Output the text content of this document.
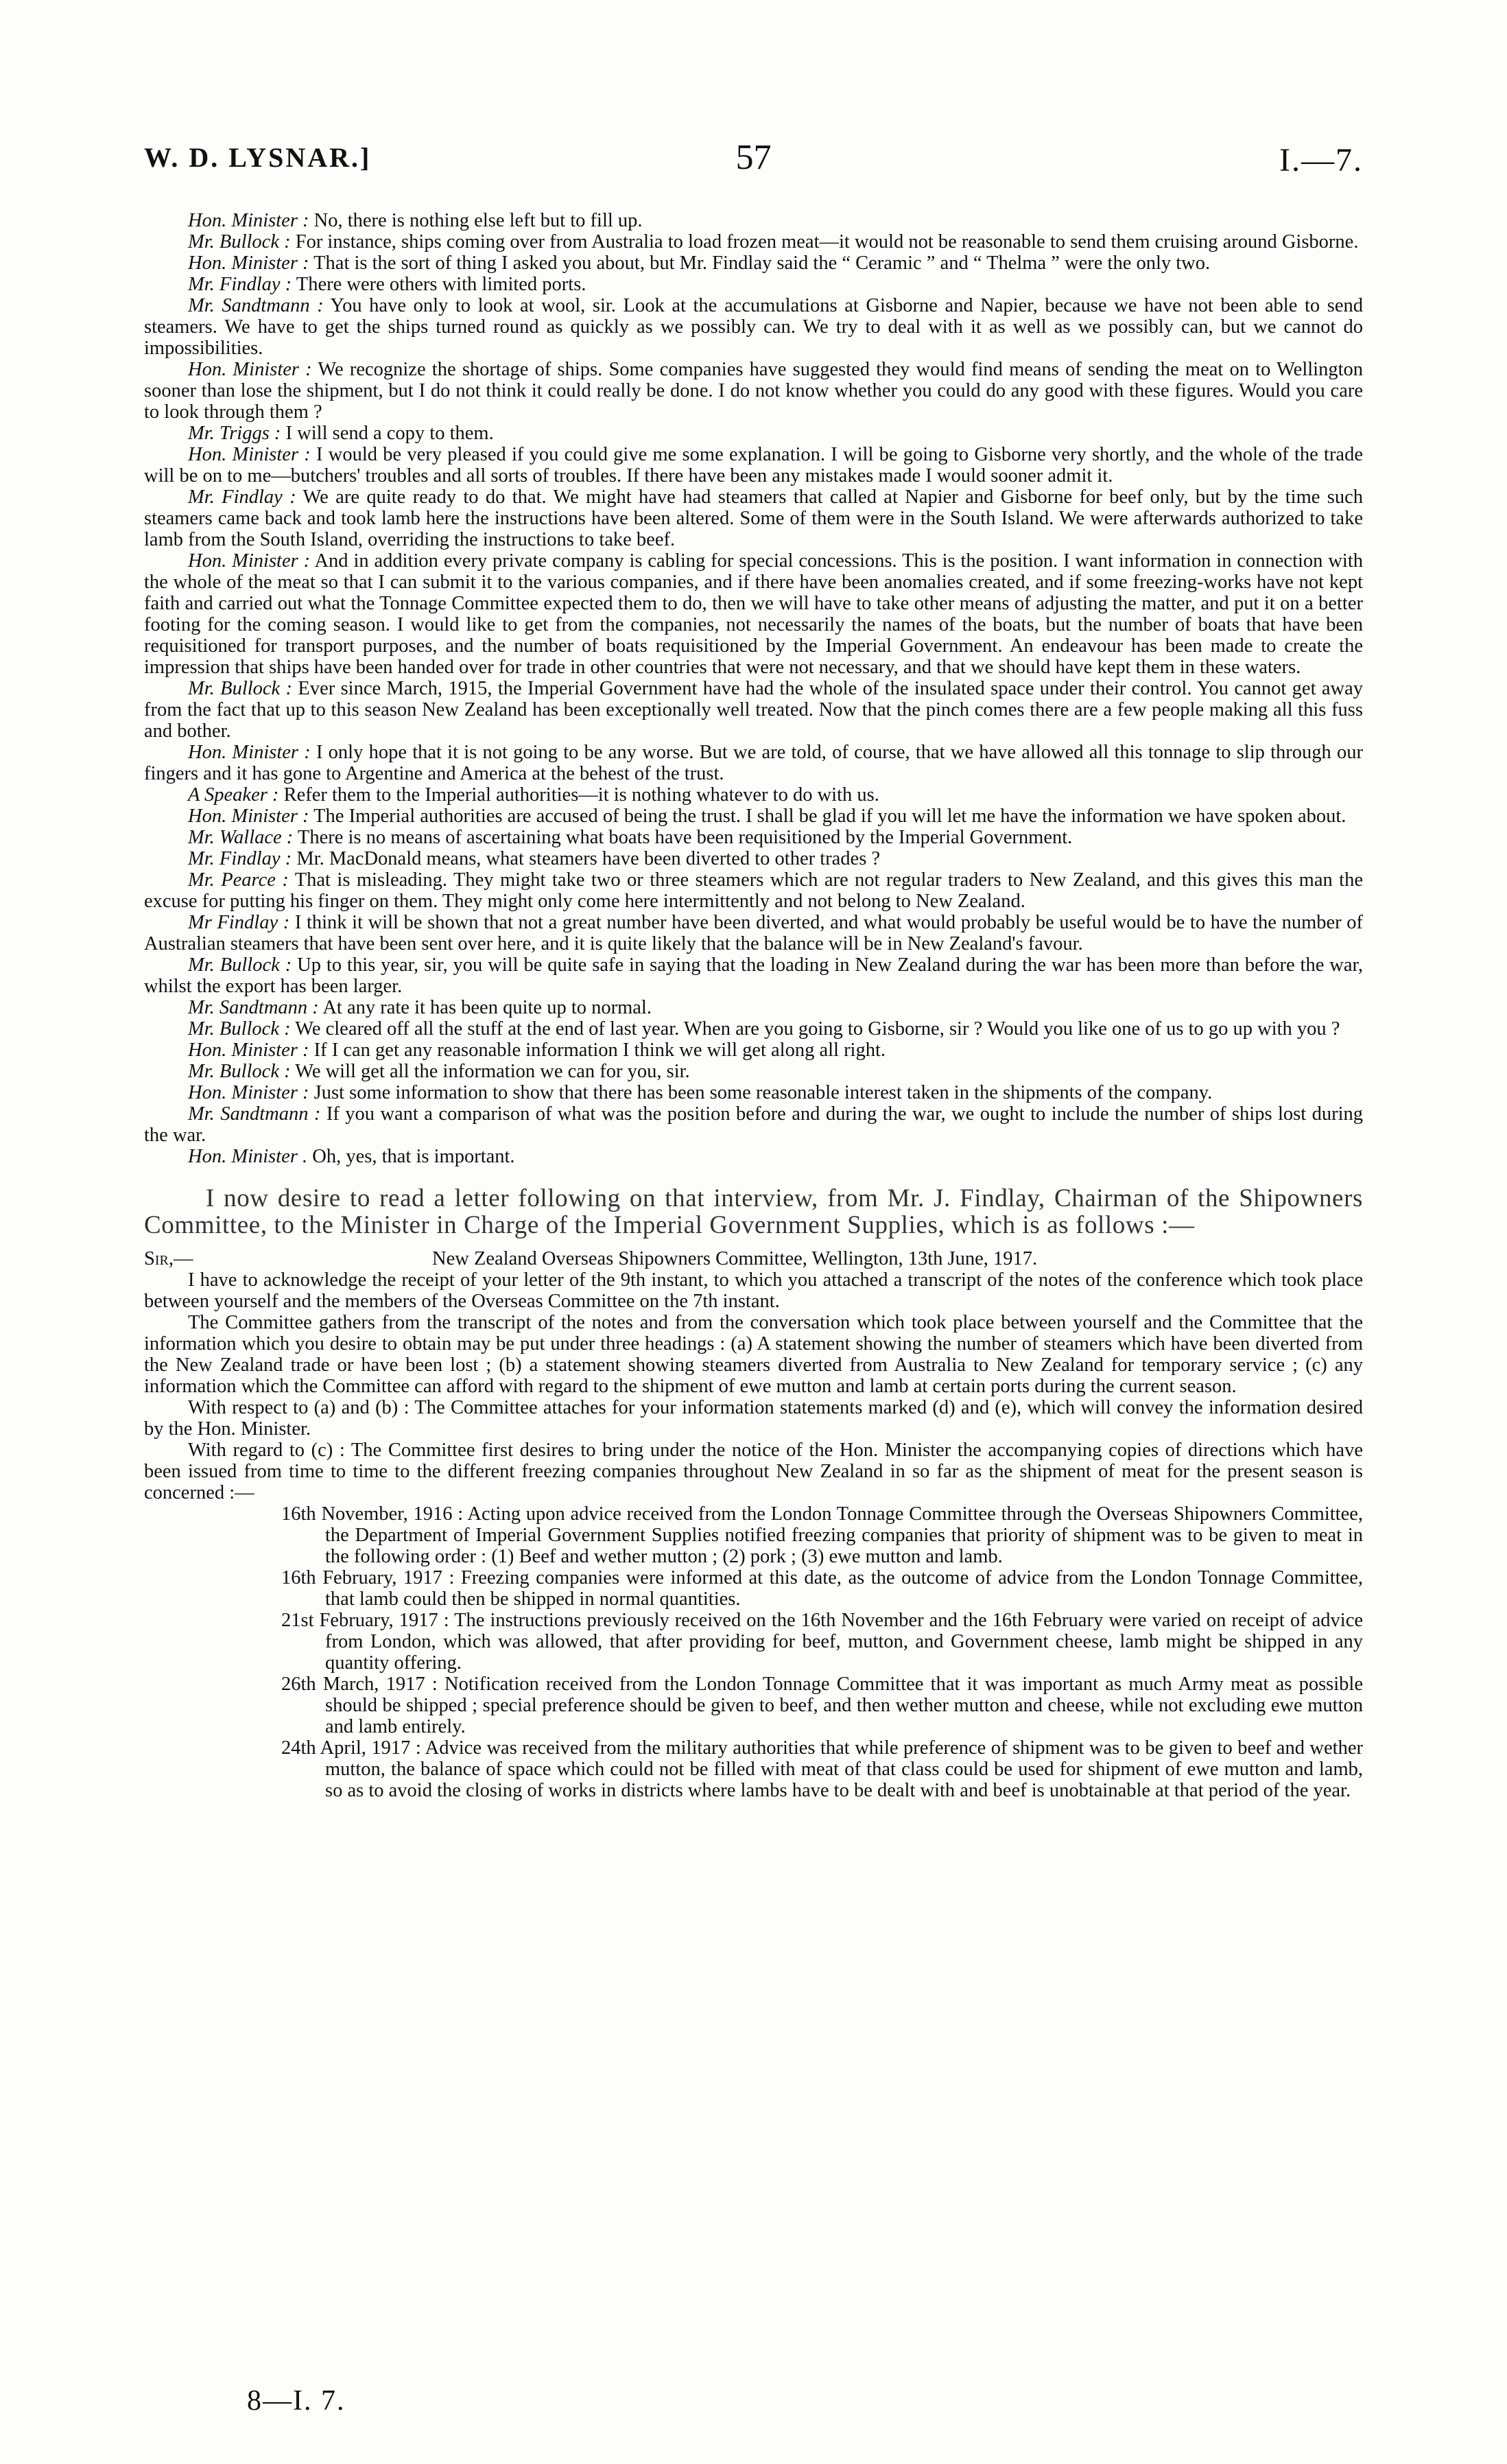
W. D. LYSNAR.]	57	I.—7.

Hon. Minister : No, there is nothing else left but to fill up.

Mr. Bullock : For instance, ships coming over from Australia to load frozen meat—it would not be reasonable to send them cruising around Gisborne.

Hon. Minister : That is the sort of thing I asked you about, but Mr. Findlay said the “ Ceramic ” and “ Thelma ” were the only two.

Mr. Findlay : There were others with limited ports.

Mr. Sandtmann : You have only to look at wool, sir. Look at the accumulations at Gisborne and Napier, because we have not been able to send steamers. We have to get the ships turned round as quickly as we possibly can. We try to deal with it as well as we possibly can, but we cannot do impossibilities.

Hon. Minister : We recognize the shortage of ships. Some companies have suggested they would find means of sending the meat on to Wellington sooner than lose the shipment, but I do not think it could really be done. I do not know whether you could do any good with these figures. Would you care to look through them ?

Mr. Triggs : I will send a copy to them.

Hon. Minister : I would be very pleased if you could give me some explanation. I will be going to Gisborne very shortly, and the whole of the trade will be on to me—butchers' troubles and all sorts of troubles. If there have been any mistakes made I would sooner admit it.

Mr. Findlay : We are quite ready to do that. We might have had steamers that called at Napier and Gisborne for beef only, but by the time such steamers came back and took lamb here the instructions have been altered. Some of them were in the South Island. We were afterwards authorized to take lamb from the South Island, overriding the instructions to take beef.

Hon. Minister : And in addition every private company is cabling for special concessions. This is the position. I want information in connection with the whole of the meat so that I can submit it to the various companies, and if there have been anomalies created, and if some freezing-works have not kept faith and carried out what the Tonnage Committee expected them to do, then we will have to take other means of adjusting the matter, and put it on a better footing for the coming season. I would like to get from the companies, not necessarily the names of the boats, but the number of boats that have been requisitioned for transport purposes, and the number of boats requisitioned by the Imperial Government. An endeavour has been made to create the impression that ships have been handed over for trade in other countries that were not necessary, and that we should have kept them in these waters.

Mr. Bullock : Ever since March, 1915, the Imperial Government have had the whole of the insulated space under their control. You cannot get away from the fact that up to this season New Zealand has been exceptionally well treated. Now that the pinch comes there are a few people making all this fuss and bother.

Hon. Minister : I only hope that it is not going to be any worse. But we are told, of course, that we have allowed all this tonnage to slip through our fingers and it has gone to Argentine and America at the behest of the trust.

A Speaker : Refer them to the Imperial authorities—it is nothing whatever to do with us.

Hon. Minister : The Imperial authorities are accused of being the trust. I shall be glad if you will let me have the information we have spoken about.

Mr. Wallace : There is no means of ascertaining what boats have been requisitioned by the Imperial Government.

Mr. Findlay : Mr. MacDonald means, what steamers have been diverted to other trades ?

Mr. Pearce : That is misleading. They might take two or three steamers which are not regular traders to New Zealand, and this gives this man the excuse for putting his finger on them. They might only come here intermittently and not belong to New Zealand.

Mr Findlay : I think it will be shown that not a great number have been diverted, and what would probably be useful would be to have the number of Australian steamers that have been sent over here, and it is quite likely that the balance will be in New Zealand's favour.

Mr. Bullock : Up to this year, sir, you will be quite safe in saying that the loading in New Zealand during the war has been more than before the war, whilst the export has been larger.

Mr. Sandtmann : At any rate it has been quite up to normal.

Mr. Bullock : We cleared off all the stuff at the end of last year. When are you going to Gisborne, sir ? Would you like one of us to go up with you ?

Hon. Minister : If I can get any reasonable information I think we will get along all right.

Mr. Bullock : We will get all the information we can for you, sir.

Hon. Minister : Just some information to show that there has been some reasonable interest taken in the shipments of the company.

Mr. Sandtmann : If you want a comparison of what was the position before and during the war, we ought to include the number of ships lost during the war.

Hon. Minister . Oh, yes, that is important.

I now desire to read a letter following on that interview, from Mr. J. Findlay, Chairman of the Shipowners Committee, to the Minister in Charge of the Imperial Government Supplies, which is as follows :—

Sir,—	New Zealand Overseas Shipowners Committee, Wellington, 13th June, 1917.

I have to acknowledge the receipt of your letter of the 9th instant, to which you attached a transcript of the notes of the conference which took place between yourself and the members of the Overseas Committee on the 7th instant.

The Committee gathers from the transcript of the notes and from the conversation which took place between yourself and the Committee that the information which you desire to obtain may be put under three headings : (a) A statement showing the number of steamers which have been diverted from the New Zealand trade or have been lost ; (b) a statement showing steamers diverted from Australia to New Zealand for temporary service ; (c) any information which the Committee can afford with regard to the shipment of ewe mutton and lamb at certain ports during the current season.

With respect to (a) and (b) : The Committee attaches for your information statements marked (d) and (e), which will convey the information desired by the Hon. Minister.

With regard to (c) : The Committee first desires to bring under the notice of the Hon. Minister the accompanying copies of directions which have been issued from time to time to the different freezing companies throughout New Zealand in so far as the shipment of meat for the present season is concerned :—

16th November, 1916 : Acting upon advice received from the London Tonnage Committee through the Overseas Shipowners Committee, the Department of Imperial Government Supplies notified freezing companies that priority of shipment was to be given to meat in the following order : (1) Beef and wether mutton ; (2) pork ; (3) ewe mutton and lamb.

16th February, 1917 : Freezing companies were informed at this date, as the outcome of advice from the London Tonnage Committee, that lamb could then be shipped in normal quantities.

21st February, 1917 : The instructions previously received on the 16th November and the 16th February were varied on receipt of advice from London, which was allowed, that after providing for beef, mutton, and Government cheese, lamb might be shipped in any quantity offering.

26th March, 1917 : Notification received from the London Tonnage Committee that it was important as much Army meat as possible should be shipped ; special preference should be given to beef, and then wether mutton and cheese, while not excluding ewe mutton and lamb entirely.

24th April, 1917 : Advice was received from the military authorities that while preference of shipment was to be given to beef and wether mutton, the balance of space which could not be filled with meat of that class could be used for shipment of ewe mutton and lamb, so as to avoid the closing of works in districts where lambs have to be dealt with and beef is unobtainable at that period of the year.

8—I. 7.
